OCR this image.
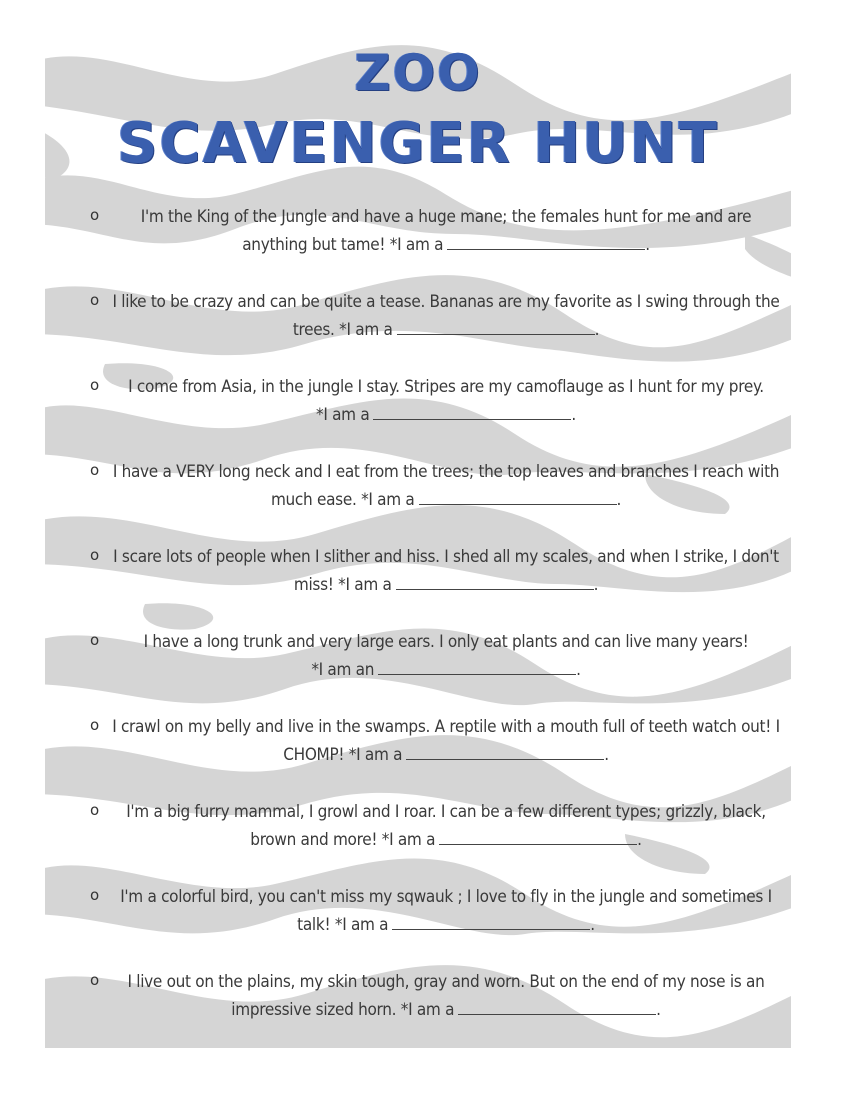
ZOO
SCAVENGER HUNT
o	I'm the King of the Jungle and have a huge mane; the females hunt for me and are anything but tame! *I am a	.
o I like to be crazy and can be quite a tease. Bananas are my favorite as I swing through the trees. *I am a	.
o	I come from Asia, in the jungle I stay. Stripes are my camoflauge as I hunt for my prey. *I am a	.
o I have a VERY long neck and I eat from the trees; the top leaves and branches I reach with much ease. *I am a	.
o I scare lots of people when I slither and hiss. I shed all my scales, and when I strike, I don't miss! *I am a	.
o	I have a long trunk and very large ears. I only eat plants and can live many years! *I am an	.
o I crawl on my belly and live in the swamps. A reptile with a mouth full of teeth watch out! I CHOMP! *I am a	.
o	I'm a big furry mammal, I growl and I roar. I can be a few different types; grizzly, black, brown and more! *I am a	.
o	I'm a colorful bird, you can't miss my sqwauk ; I love to fly in the jungle and sometimes I talk! *I am a	.
o	I live out on the plains, my skin tough, gray and worn. But on the end of my nose is an impressive sized horn. *I am a	.
